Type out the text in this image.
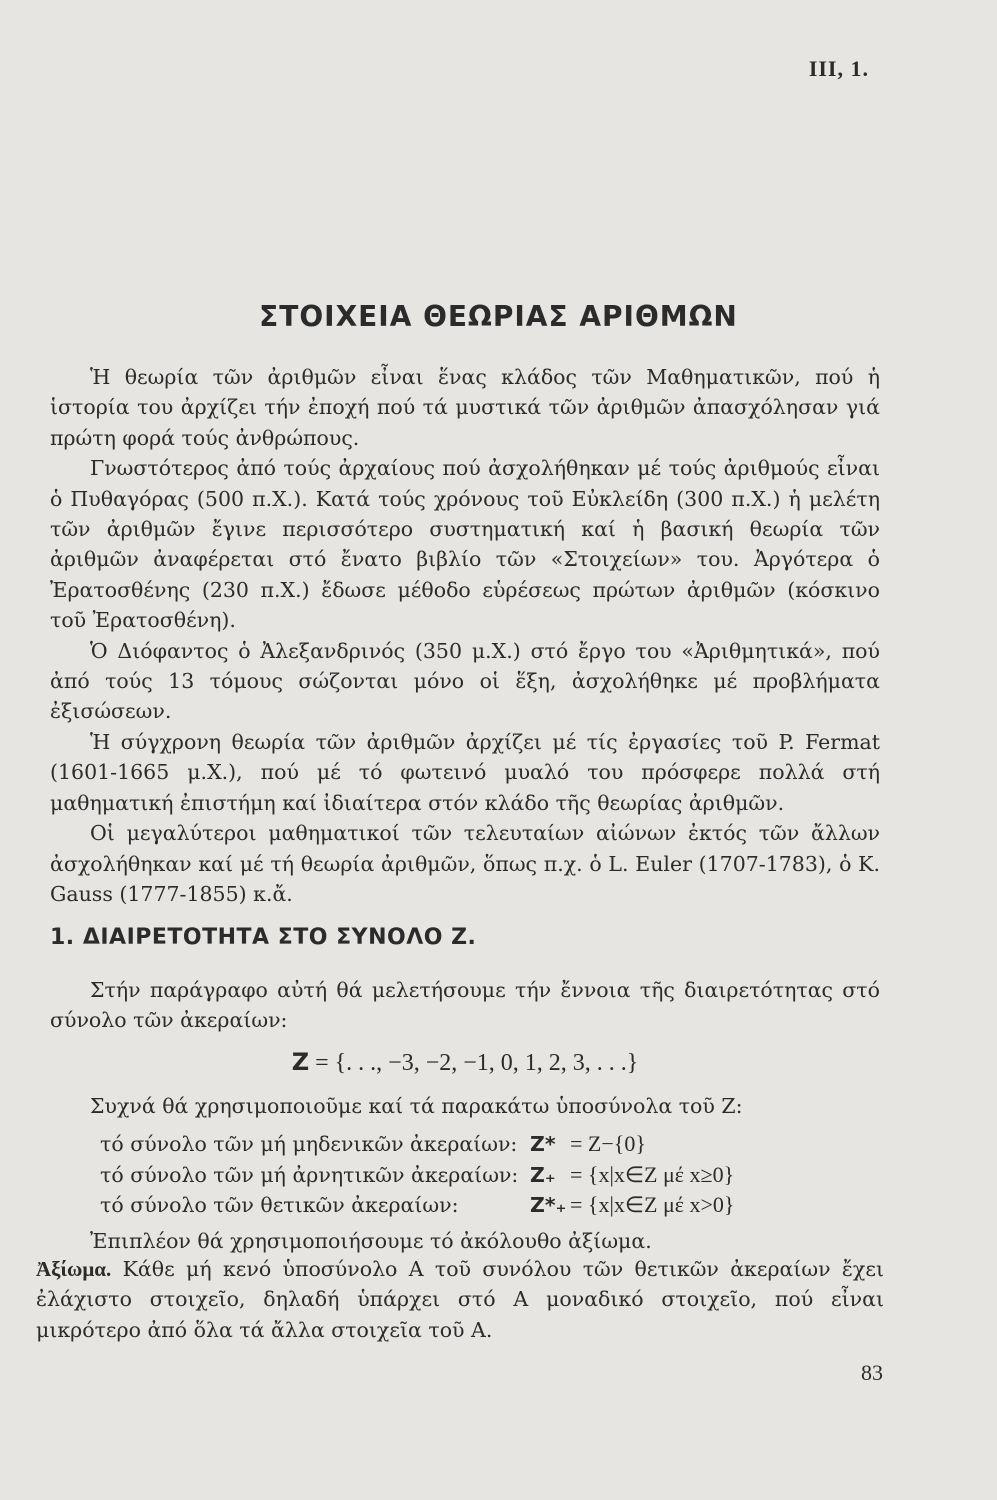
III, 1.
ΣΤΟΙΧΕΙΑ ΘΕΩΡΙΑΣ ΑΡΙΘΜΩΝ

Ἡ θεωρία τῶν ἀριθμῶν εἶναι ἕνας κλάδος τῶν Μαθηματικῶν, πού ἡ ἱστορία του ἀρχίζει τήν ἐποχή πού τά μυστικά τῶν ἀριθμῶν ἀπασχόλησαν γιά πρώτη φορά τούς ἀνθρώπους.

Γνωστότερος ἀπό τούς ἀρχαίους πού ἀσχολήθηκαν μέ τούς ἀριθμούς εἶναι ὁ Πυθαγόρας (500 π.Χ.). Κατά τούς χρόνους τοῦ Εὐκλείδη (300 π.Χ.) ἡ μελέτη τῶν ἀριθμῶν ἔγινε περισσότερο συστηματική καί ἡ βασική θεωρία τῶν ἀριθμῶν ἀναφέρεται στό ἔνατο βιβλίο τῶν «Στοιχείων» του. Ἀργότερα ὁ Ἐρατοσθένης (230 π.Χ.) ἔδωσε μέθοδο εὑρέσεως πρώτων ἀριθμῶν (κόσκινο τοῦ Ἐρατοσθένη).

Ὁ Διόφαντος ὁ Ἀλεξανδρινός (350 μ.Χ.) στό ἔργο του «Ἀριθμητικά», πού ἀπό τούς 13 τόμους σώζονται μόνο οἱ ἕξη, ἀσχολήθηκε μέ προβλήματα ἐξισώσεων.

Ἡ σύγχρονη θεωρία τῶν ἀριθμῶν ἀρχίζει μέ τίς ἐργασίες τοῦ P. Fermat (1601-1665 μ.Χ.), πού μέ τό φωτεινό μυαλό του πρόσφερε πολλά στή μαθηματική ἐπιστήμη καί ἰδιαίτερα στόν κλάδο τῆς θεωρίας ἀριθμῶν.

Οἱ μεγαλύτεροι μαθηματικοί τῶν τελευταίων αἰώνων ἐκτός τῶν ἄλλων ἀσχολήθηκαν καί μέ τή θεωρία ἀριθμῶν, ὅπως π.χ. ὁ L. Euler (1707-1783), ὁ K. Gauss (1777-1855) κ.ἄ.

1. ΔΙΑΙΡΕΤΟΤΗΤΑ ΣΤΟ ΣΥΝΟΛΟ Z.

Στήν παράγραφο αὐτή θά μελετήσουμε τήν ἔννοια τῆς διαιρετότητας στό σύνολο τῶν ἀκεραίων:

Z = {. . ., −3, −2, −1, 0, 1, 2, 3, . . .}

Συχνά θά χρησιμοποιοῦμε καί τά παρακάτω ὑποσύνολα τοῦ Z:

τό σύνολο τῶν μή μηδενικῶν ἀκεραίων:	Z*	= Z−{0}
τό σύνολο τῶν μή ἀρνητικῶν ἀκεραίων:	Z₊	= {x|x∈Z μέ x≥0}
τό σύνολο τῶν θετικῶν ἀκεραίων:	Z*₊	= {x|x∈Z μέ x>0}

Ἐπιπλέον θά χρησιμοποιήσουμε τό ἀκόλουθο ἀξίωμα.

Ἀξίωμα. Κάθε μή κενό ὑποσύνολο A τοῦ συνόλου τῶν θετικῶν ἀκεραίων ἔχει ἐλάχιστο στοιχεῖο, δηλαδή ὑπάρχει στό A μοναδικό στοιχεῖο, πού εἶναι μικρότερο ἀπό ὅλα τά ἄλλα στοιχεῖα τοῦ A.
83
